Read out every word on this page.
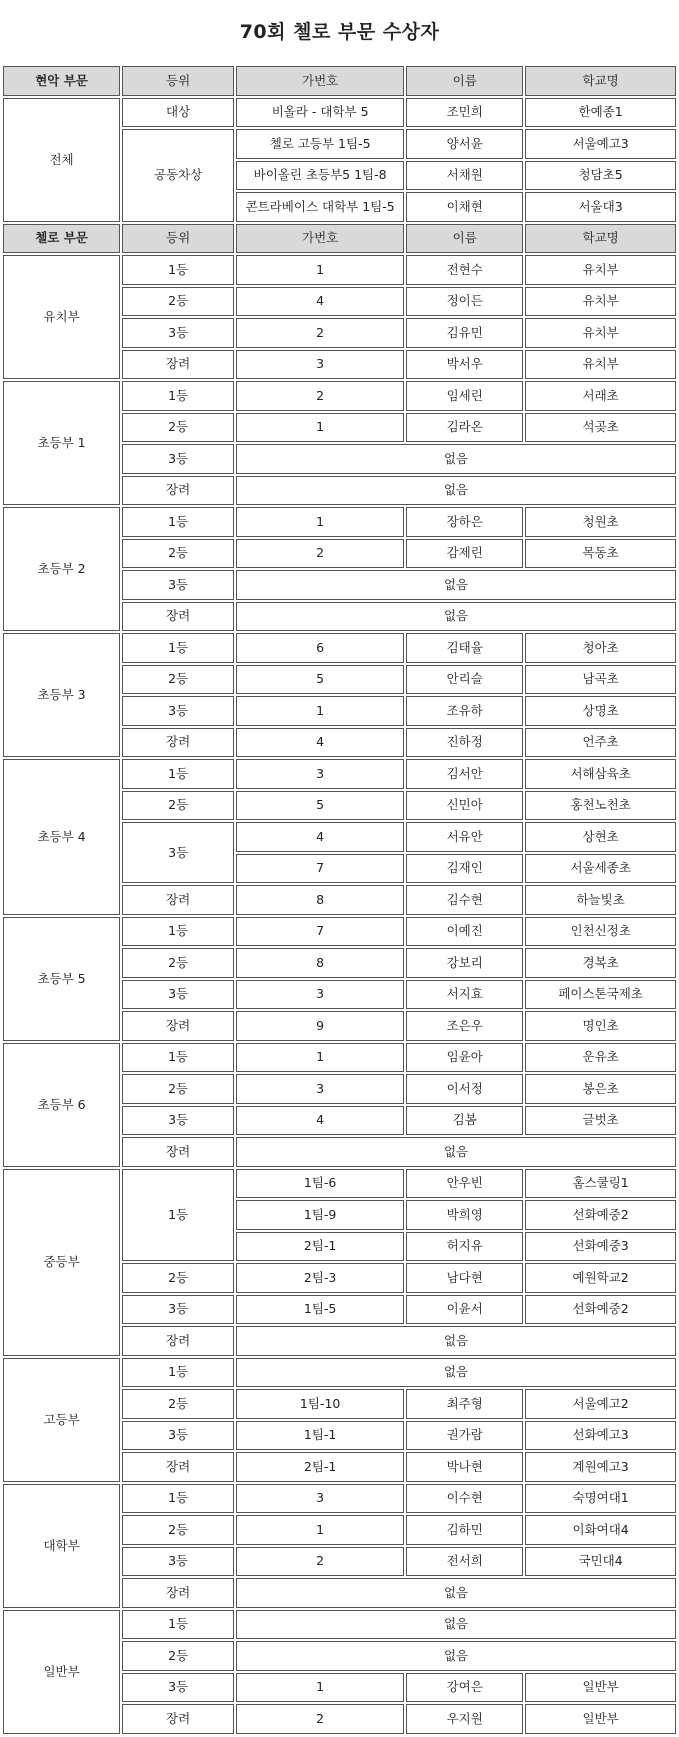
70회 첼로 부문 수상자
현악 부문	등위	가번호	이름	학교명
전체	대상	비올라 - 대학부 5	조민희	한예종1
	공동차상	첼로 고등부 1팀-5	양서윤	서울예고3
		바이올린 초등부5 1팀-8	서채원	청담초5
		콘트라베이스 대학부 1팀-5	이채현	서울대3
첼로 부문	등위	가번호	이름	학교명
유치부	1등	1	전현수	유치부
	2등	4	정이든	유치부
	3등	2	김유민	유치부
	장려	3	박서우	유치부
초등부 1	1등	2	임세린	서래초
	2등	1	김라온	석곶초
	3등	없음		
	장려	없음		
초등부 2	1등	1	장하은	청원초
	2등	2	감제린	목동초
	3등	없음		
	장려	없음		
초등부 3	1등	6	김태율	청아초
	2등	5	안리슬	남곡초
	3등	1	조유하	상명초
	장려	4	진하정	언주초
초등부 4	1등	3	김서안	서해삼육초
	2등	5	신민아	홍천노천초
	3등	4	서유안	상현초
		7	김재인	서울세종초
	장려	8	김수현	하늘빛초
초등부 5	1등	7	이예진	인천신정초
	2등	8	강보리	경복초
	3등	3	서지효	페이스톤국제초
	장려	9	조은우	명인초
초등부 6	1등	1	임윤아	운유초
	2등	3	이서정	봉은초
	3등	4	김봄	글벗초
	장려	없음		
중등부	1등	1팀-6	안우빈	홈스쿨링1
		1팀-9	박희영	선화예중2
		2팀-1	허지유	선화예중3
	2등	2팀-3	남다현	예원학교2
	3등	1팀-5	이윤서	선화예중2
	장려	없음		
고등부	1등	없음		
	2등	1팀-10	최주형	서울예고2
	3등	1팀-1	권가람	선화예고3
	장려	2팀-1	박나현	계원예고3
대학부	1등	3	이수현	숙명여대1
	2등	1	김하민	이화여대4
	3등	2	전서희	국민대4
	장려	없음		
일반부	1등	없음		
	2등	없음		
	3등	1	강여은	일반부
	장려	2	우지원	일반부
